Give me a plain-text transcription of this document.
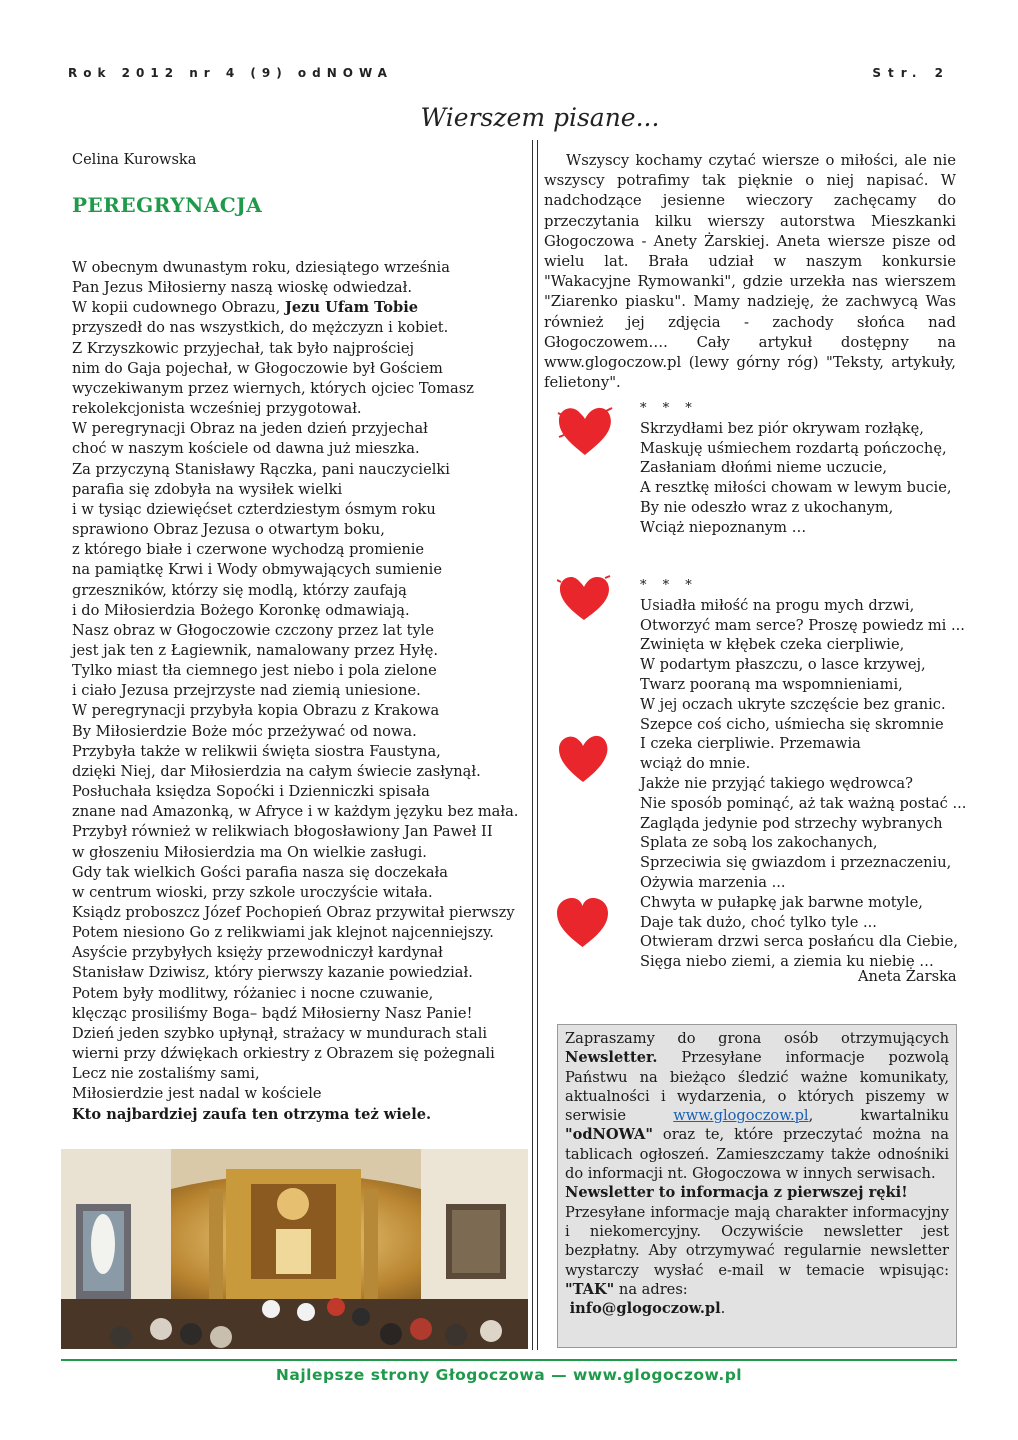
Rok 2012 nr 4 (9) odNOWA	Str. 2
Wierszem pisane...
Celina Kurowska
PEREGRYNACJA
W obecnym dwunastym roku, dziesiątego września
Pan Jezus Miłosierny naszą wioskę odwiedzał.
W kopii cudownego Obrazu, Jezu Ufam Tobie
przyszedł do nas wszystkich, do mężczyzn i kobiet.
Z Krzyszkowic przyjechał, tak było najprościej
nim do Gaja pojechał, w Głogoczowie był Gościem
wyczekiwanym przez wiernych, których ojciec Tomasz
rekolekcjonista wcześniej przygotował.
W peregrynacji Obraz na jeden dzień przyjechał
choć w naszym kościele od dawna już mieszka.
Za przyczyną Stanisławy Rączka, pani nauczycielki
parafia się zdobyła na wysiłek wielki
i w tysiąc dziewięćset czterdziestym ósmym roku
sprawiono Obraz Jezusa o otwartym boku,
z którego białe i czerwone wychodzą promienie
na pamiątkę Krwi i Wody obmywających sumienie
grzeszników, którzy się modlą, którzy zaufają
i do Miłosierdzia Bożego Koronkę odmawiają.
Nasz obraz w Głogoczowie czczony przez lat tyle
jest jak ten z Łagiewnik, namalowany przez Hyłę.
Tylko miast tła ciemnego jest niebo i pola zielone
i ciało Jezusa przejrzyste nad ziemią uniesione.
W peregrynacji przybyła kopia Obrazu z Krakowa
By Miłosierdzie Boże móc przeżywać od nowa.
Przybyła także w relikwii święta siostra Faustyna,
dzięki Niej, dar Miłosierdzia na całym świecie zasłynął.
Posłuchała księdza Sopoćki i Dzienniczki spisała
znane nad Amazonką, w Afryce i w każdym języku bez mała.
Przybył również w relikwiach błogosławiony Jan Paweł II
w głoszeniu Miłosierdzia ma On wielkie zasługi.
Gdy tak wielkich Gości parafia nasza się doczekała
w centrum wioski, przy szkole uroczyście witała.
Ksiądz proboszcz Józef Pochopień Obraz przywitał pierwszy
Potem niesiono Go z relikwiami jak klejnot najcenniejszy.
Asyście przybyłych księży przewodniczył kardynał
Stanisław Dziwisz, który pierwszy kazanie powiedział.
Potem były modlitwy, różaniec i nocne czuwanie,
klęcząc prosiliśmy Boga– bądź Miłosierny Nasz Panie!
Dzień jeden szybko upłynął, strażacy w mundurach stali
wierni przy dźwiękach orkiestry z Obrazem się pożegnali
Lecz nie zostaliśmy sami,
Miłosierdzie jest nadal w kościele
Kto najbardziej zaufa ten otrzyma też wiele.
Wszyscy kochamy czytać wiersze o miłości, ale nie wszyscy potrafimy tak pięknie o niej napisać. W nadchodzące jesienne wieczory zachęcamy do przeczytania kilku wierszy autorstwa Mieszkanki Głogoczowa - Anety Żarskiej. Aneta wiersze pisze od wielu lat. Brała udział w naszym konkursie "Wakacyjne Rymowanki", gdzie urzekła nas wierszem "Ziarenko piasku". Mamy nadzieję, że zachwycą Was również jej zdjęcia - zachody słońca nad Głogoczowem…. Cały artykuł dostępny na www.glogoczow.pl (lewy górny róg) "Teksty, artykuły, felietony".
* * *
Skrzydłami bez piór okrywam rozłąkę,
Maskuję uśmiechem rozdartą pończochę,
Zasłaniam dłońmi nieme uczucie,
A resztkę miłości chowam w lewym bucie,
By nie odeszło wraz z ukochanym,
Wciąż niepoznanym …
* * *
Usiadła miłość na progu mych drzwi,
Otworzyć mam serce? Proszę powiedz mi ...
Zwinięta w kłębek czeka cierpliwie,
W podartym płaszczu, o lasce krzywej,
Twarz pooraną ma wspomnieniami,
W jej oczach ukryte szczęście bez granic.
Szepce coś cicho, uśmiecha się skromnie
I czeka cierpliwie. Przemawia
wciąż do mnie.
Jakże nie przyjąć takiego wędrowca?
Nie sposób pominąć, aż tak ważną postać ...
Zagląda jedynie pod strzechy wybranych
Splata ze sobą los zakochanych,
Sprzeciwia się gwiazdom i przeznaczeniu,
Ożywia marzenia ...
Chwyta w pułapkę jak barwne motyle,
Daje tak dużo, choć tylko tyle ...
Otwieram drzwi serca posłańcu dla Ciebie,
Sięga niebo ziemi, a ziemia ku niebie …
Aneta Żarska
Zapraszamy do grona osób otrzymujących Newsletter. Przesyłane informacje pozwolą Państwu na bieżąco śledzić ważne komunikaty, aktualności i wydarzenia, o których piszemy w serwisie www.glogoczow.pl, kwartalniku "odNOWA" oraz te, które przeczytać można na tablicach ogłoszeń. Zamieszczamy także odnośniki do informacji nt. Głogoczowa w innych serwisach.
Newsletter to informacja z pierwszej ręki!
Przesyłane informacje mają charakter informacyjny i niekomercyjny. Oczywiście newsletter jest bezpłatny. Aby otrzymywać regularnie newsletter wystarczy wysłać e-mail w temacie wpisując: "TAK" na adres:
info@glogoczow.pl.
Najlepsze strony Głogoczowa — www.glogoczow.pl
